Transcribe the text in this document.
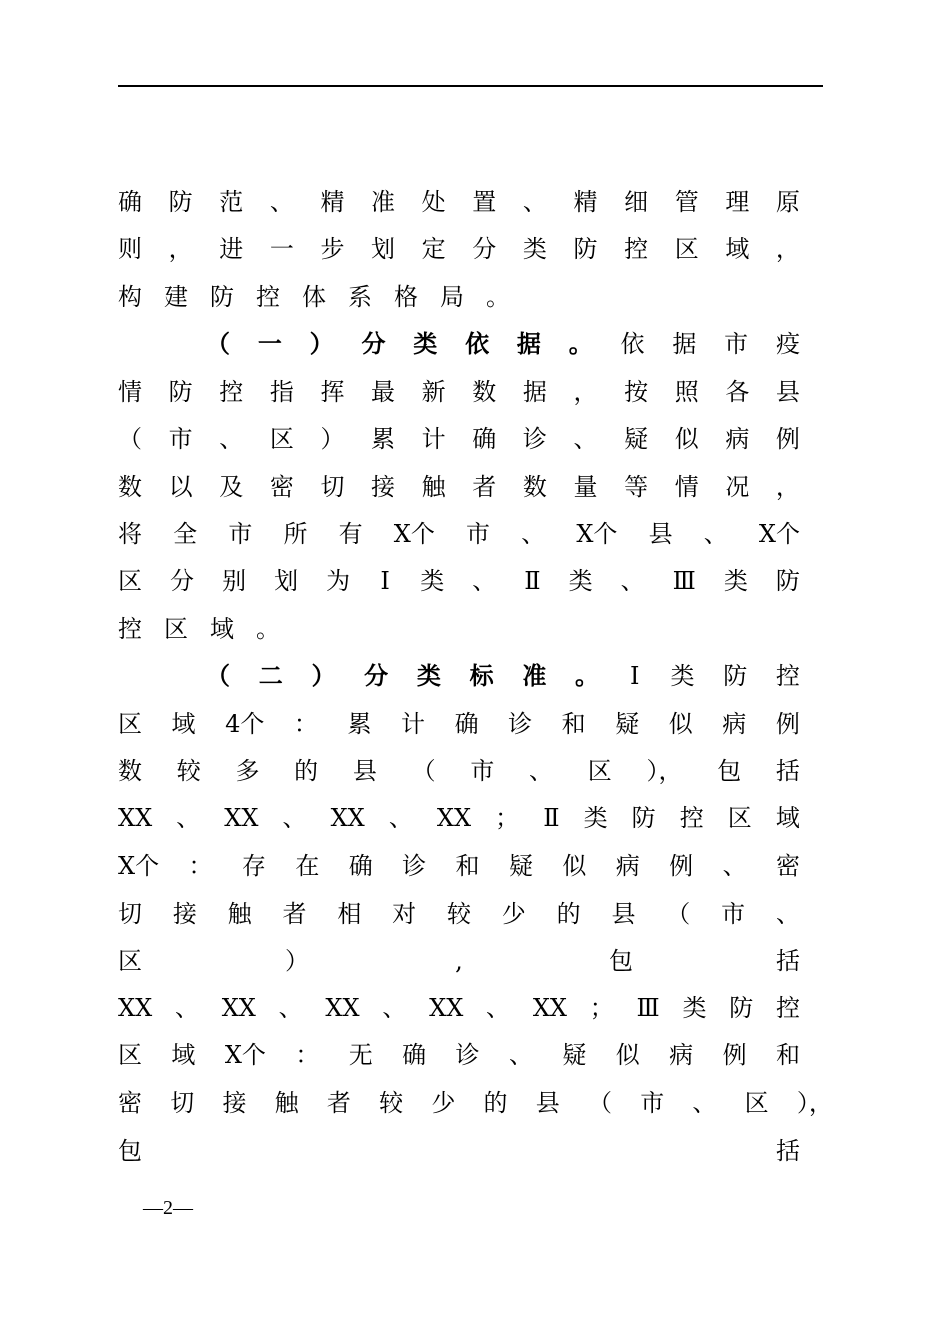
确 防 范 、 精 准 处 置 、 精 细 管 理 原
则 ， 进 一 步 划 定 分 类 防 控 区 域 ，
构 建 防 控 体 系 格 局 。
（ 一 ） 分 类 依 据 。 依 据 市 疫
情 防 控 指 挥 最 新 数 据 ， 按 照 各 县
（ 市 、 区 ） 累 计 确 诊 、 疑 似 病 例
数 以 及 密 切 接 触 者 数 量 等 情 况 ，
将 全 市 所 有 X个 市 、 X个 县 、 X个
区 分 别 划 为 Ⅰ 类 、 Ⅱ 类 、 Ⅲ 类 防
控 区 域 。
（ 二 ） 分 类 标 准 。 Ⅰ 类 防 控
区 域 4个 ： 累 计 确 诊 和 疑 似 病 例
数 较 多 的 县 （ 市 、 区 ）， 包 括
XX 、 XX 、 XX 、 XX ； Ⅱ 类 防 控 区 域
X个 ： 存 在 确 诊 和 疑 似 病 例 、 密
切 接 触 者 相 对 较 少 的 县 （ 市 、
区	）	,	包	括
XX 、 XX 、 XX 、 XX 、 XX ； Ⅲ 类 防 控
区 域 X个 ： 无 确 诊 、 疑 似 病 例 和
密 切 接 触 者 较 少 的 县 （ 市 、 区 ），
包	括
—2—
